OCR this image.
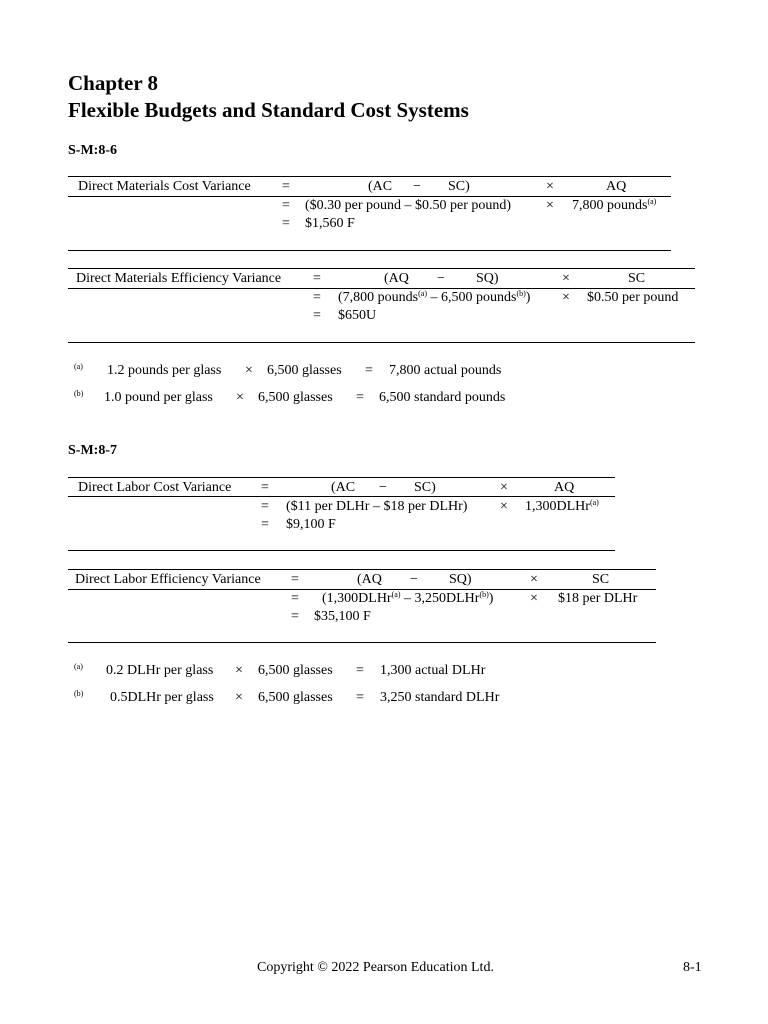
Chapter 8
Flexible Budgets and Standard Cost Systems
S-M:8-6
Direct Materials Cost Variance =	(AC − SC)	×	AQ
= ($0.30 per pound – $0.50 per pound) × 7,800 pounds$^{(a)}$
= $1,560 F
Direct Materials Efficiency Variance =	(AQ − SQ)	×	SC
= (7,800 pounds$^{(a)}$ – 6,500 pounds$^{(b)}$) × $0.50 per pound
= $650U
(a) 1.2 pounds per glass × 6,500 glasses = 7,800 actual pounds
(b) 1.0 pound per glass × 6,500 glasses = 6,500 standard pounds
S-M:8-7
Direct Labor Cost Variance =	(AC − SC)	×	AQ
= ($11 per DLHr – $18 per DLHr) × 1,300DLHr$^{(a)}$
= $9,100 F
Direct Labor Efficiency Variance =	(AQ − SQ)	×	SC
= (1,300DLHr$^{(a)}$ – 3,250DLHr$^{(b)}$)	× $18 per DLHr
= $35,100 F
(a) 0.2 DLHr per glass × 6,500 glasses = 1,300 actual DLHr
(b) 0.5DLHr per glass × 6,500 glasses = 3,250 standard DLHr
Copyright © 2022 Pearson Education Ltd.	8-1
